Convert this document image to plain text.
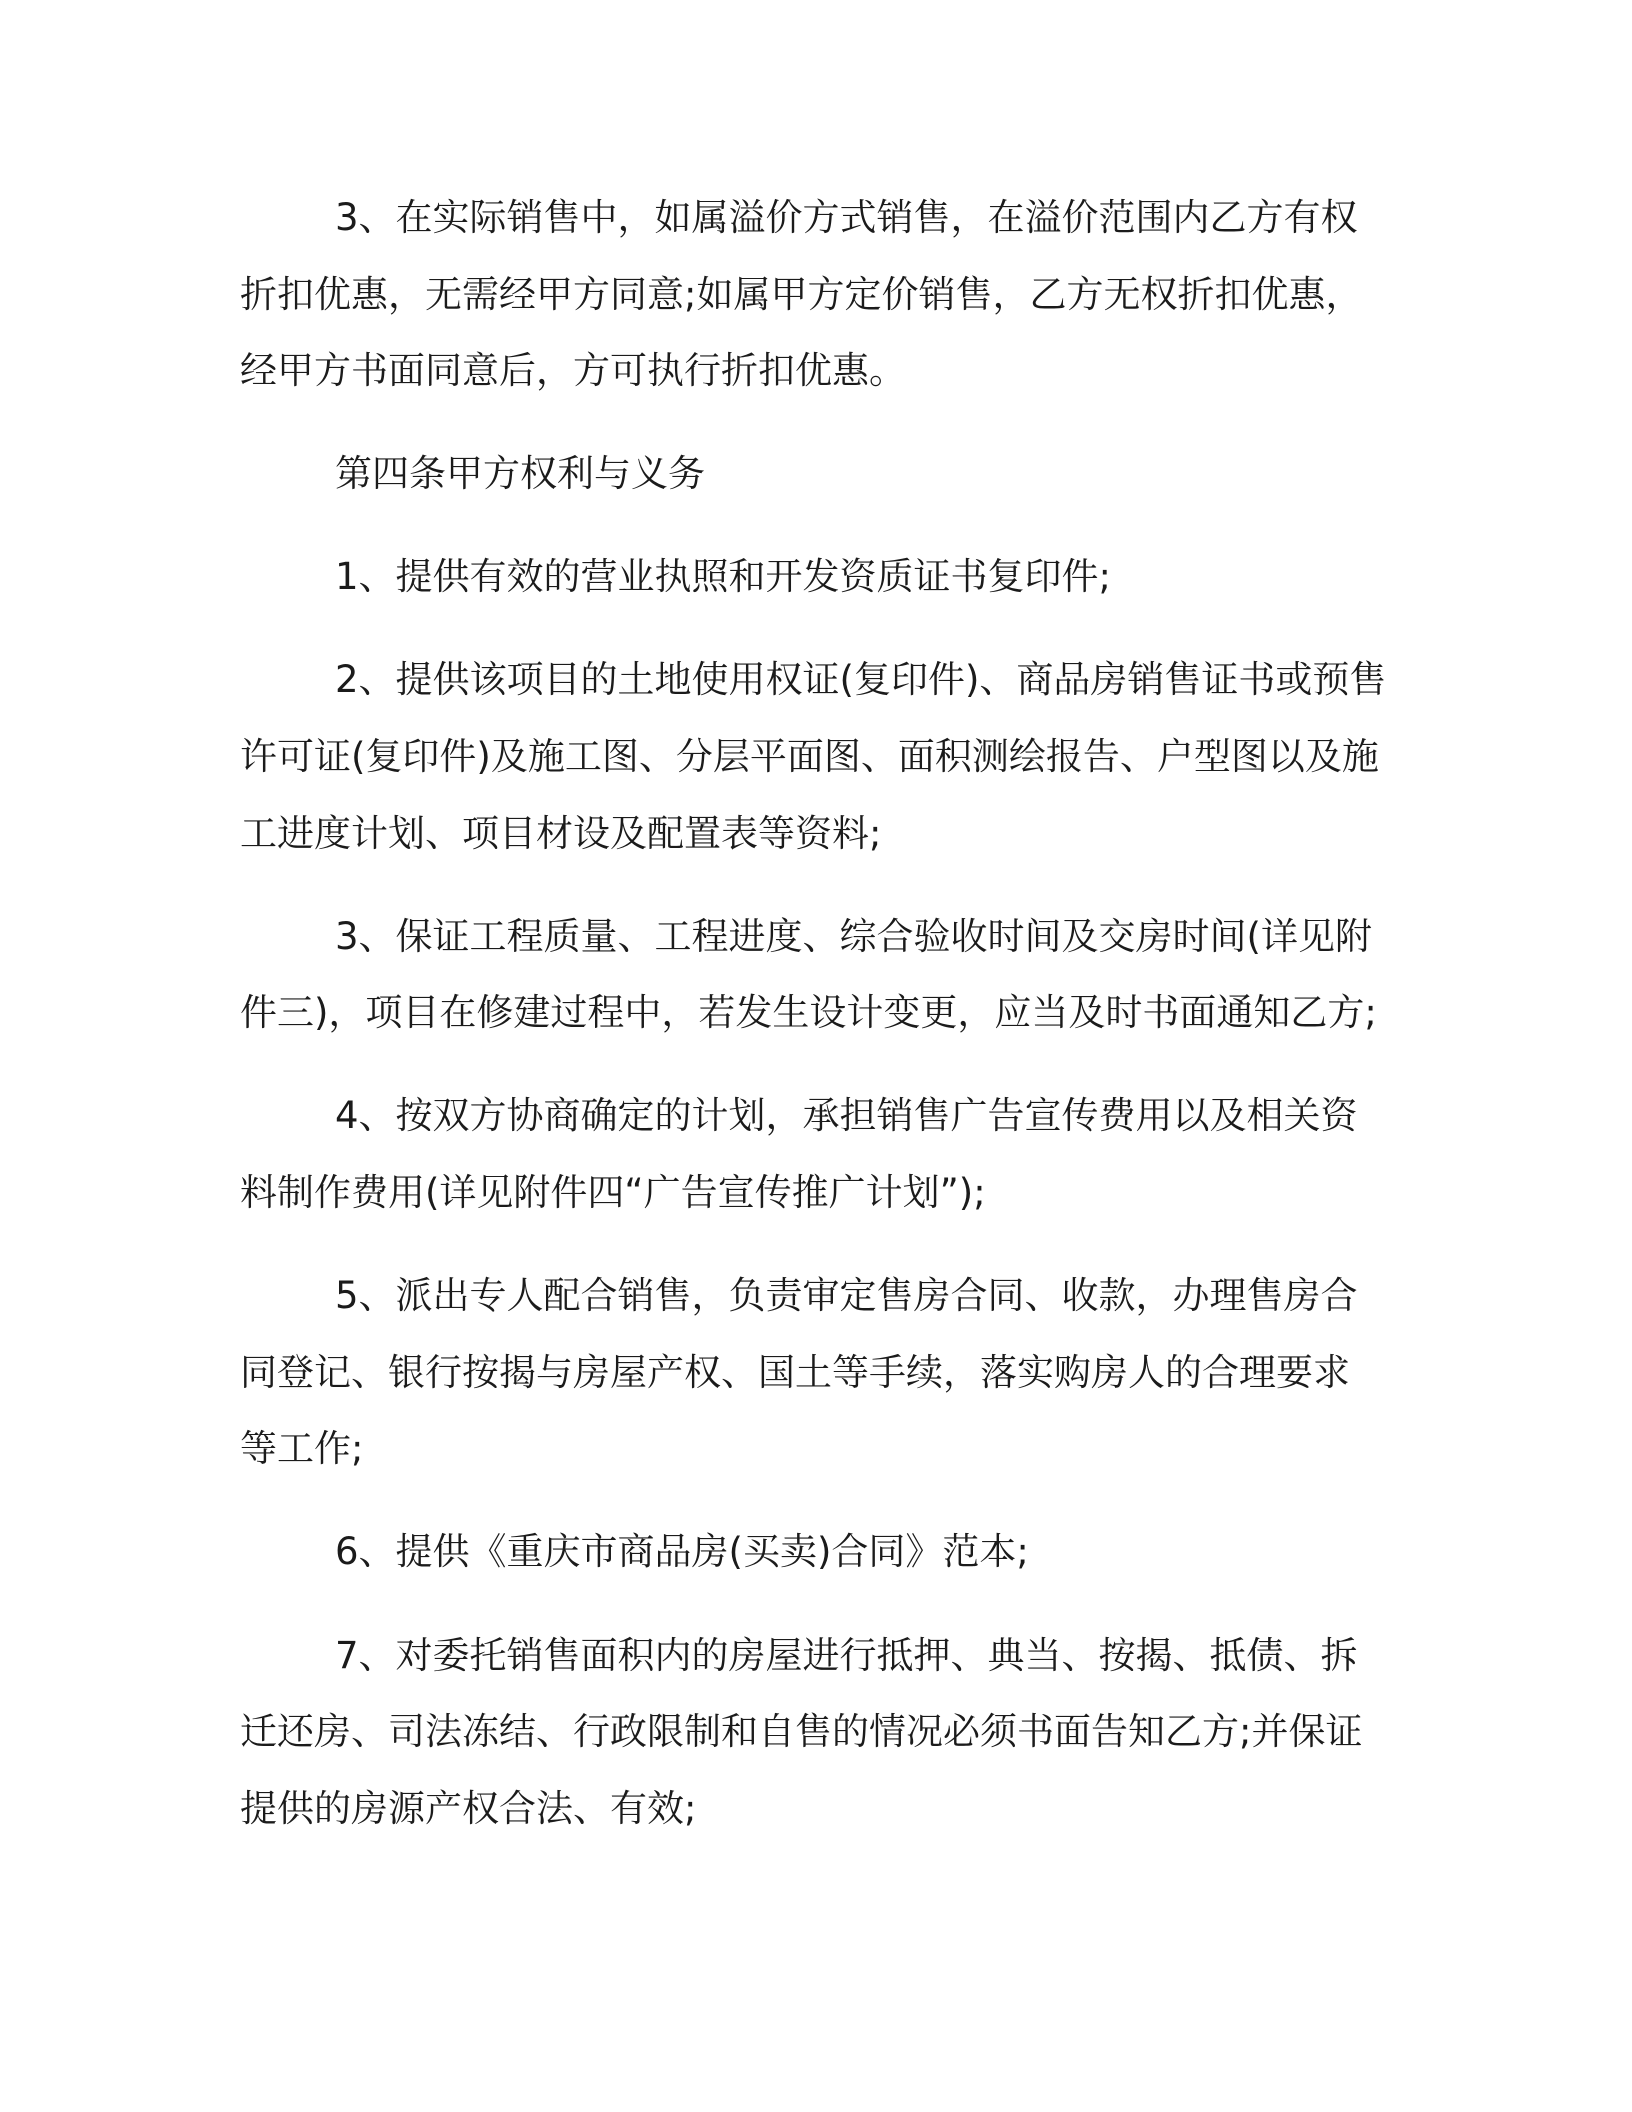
3、在实际销售中，如属溢价方式销售，在溢价范围内乙方有权
折扣优惠，无需经甲方同意;如属甲方定价销售，乙方无权折扣优惠，
经甲方书面同意后，方可执行折扣优惠。

第四条甲方权利与义务

1、提供有效的营业执照和开发资质证书复印件;

2、提供该项目的土地使用权证(复印件)、商品房销售证书或预售
许可证(复印件)及施工图、分层平面图、面积测绘报告、户型图以及施
工进度计划、项目材设及配置表等资料;

3、保证工程质量、工程进度、综合验收时间及交房时间(详见附
件三)，项目在修建过程中，若发生设计变更，应当及时书面通知乙方;

4、按双方协商确定的计划，承担销售广告宣传费用以及相关资
料制作费用(详见附件四“广告宣传推广计划”);

5、派出专人配合销售，负责审定售房合同、收款，办理售房合
同登记、银行按揭与房屋产权、国土等手续，落实购房人的合理要求
等工作;

6、提供《重庆市商品房(买卖)合同》范本;

7、对委托销售面积内的房屋进行抵押、典当、按揭、抵债、拆
迁还房、司法冻结、行政限制和自售的情况必须书面告知乙方;并保证
提供的房源产权合法、有效;
